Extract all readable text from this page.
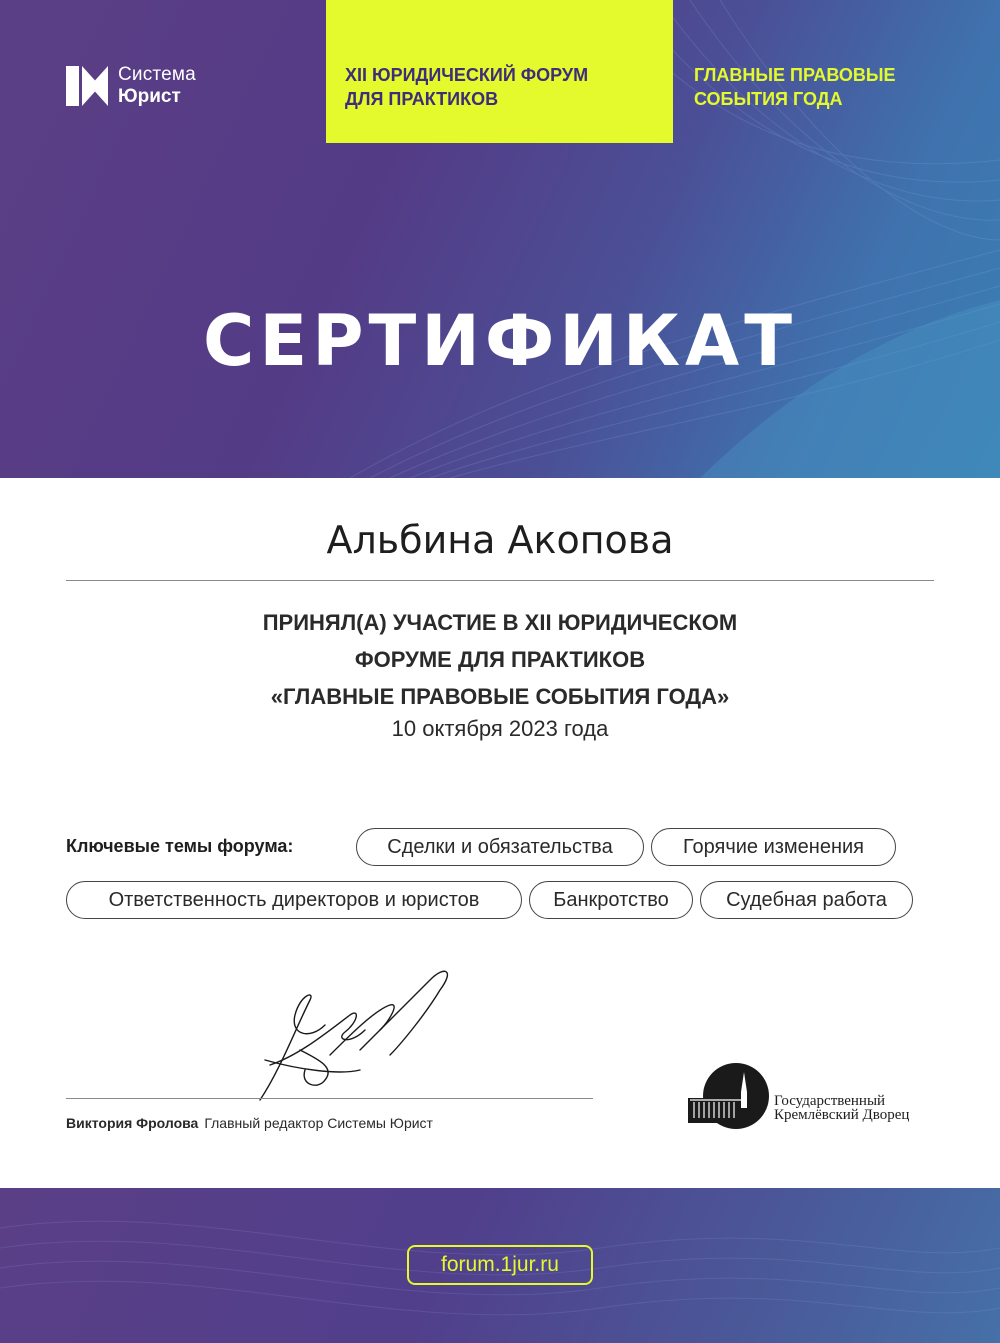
Система
Юрист
XII ЮРИДИЧЕСКИЙ ФОРУМ
ДЛЯ ПРАКТИКОВ
ГЛАВНЫЕ ПРАВОВЫЕ
СОБЫТИЯ ГОДА
СЕРТИФИКАТ
Альбина Акопова
ПРИНЯЛ(А) УЧАСТИЕ В XII ЮРИДИЧЕСКОМ
ФОРУМЕ ДЛЯ ПРАКТИКОВ
«ГЛАВНЫЕ ПРАВОВЫЕ СОБЫТИЯ ГОДА»
10 октября 2023 года
Ключевые темы форума:	Сделки и обязательства	Горячие изменения
Ответственность директоров и юристов	Банкротство	Судебная работа
Виктория Фролова Главный редактор Системы Юрист
Государственный
Кремлёвский Дворец
forum.1jur.ru
